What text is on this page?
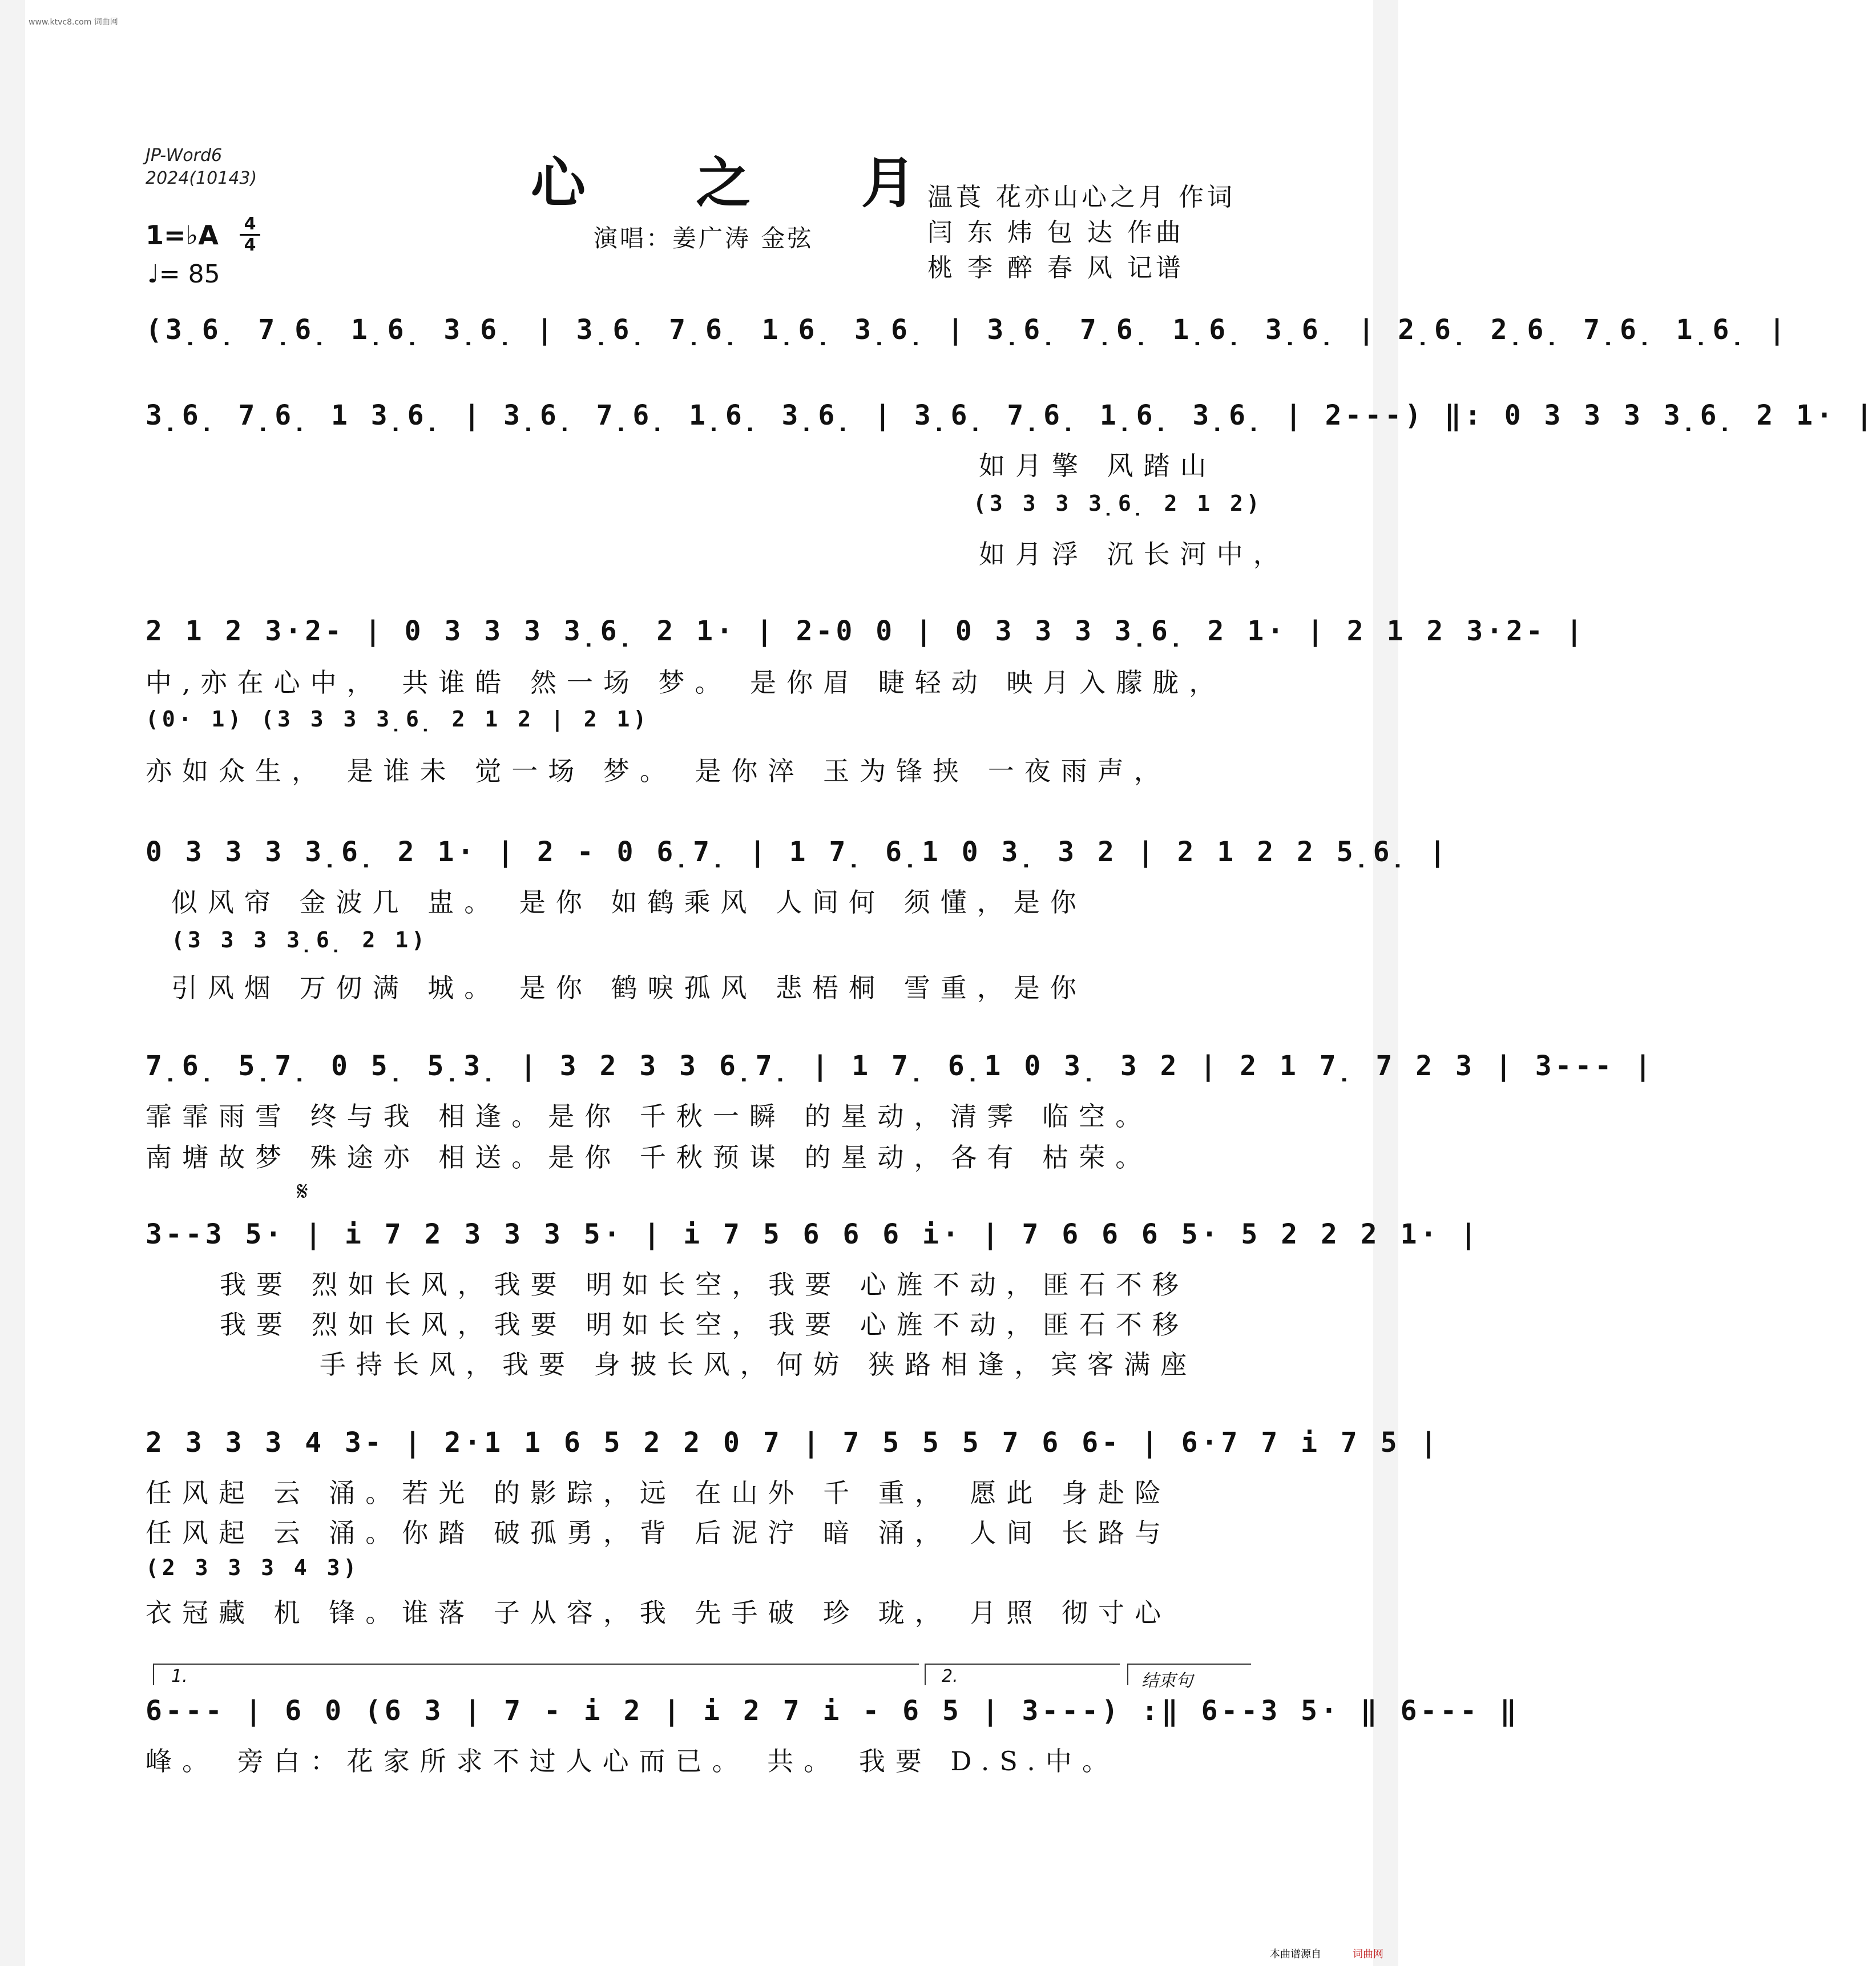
www.ktvc8.com 词曲网
JP-Word6
2024(10143)	心 之 月
演唱：姜广涛 金弦
温莨 花亦山心之月 作词
闫 东 炜 包 达 作曲
桃 李 醉 春 风 记谱
1=♭A 4
4
♩= 85
(3̣6̣ 7̣6̣ 1̣6̣ 3̣6̣ | 3̣6̣ 7̣6̣ 1̣6̣ 3̣6̣ | 3̣6̣ 7̣6̣ 1̣6̣ 3̣6̣ | 2̣6̣ 2̣6̣ 7̣6̣ 1̣6̣ |
3̣6̣ 7̣6̣ 1 3̣6̣ | 3̣6̣ 7̣6̣ 1̣6̣ 3̣6̣ | 3̣6̣ 7̣6̣ 1̣6̣ 3̣6̣ | 2---) ‖: 0 3 3 3 3̣6̣ 2 1· |
如月擎 风踏山
(3 3 3 3̣6̣ 2 1 2)
如月浮 沉长河中，
2 1 2 3·2- | 0 3 3 3 3̣6̣ 2 1· | 2-0 0 | 0 3 3 3 3̣6̣ 2 1· | 2 1 2 3·2- |
中,亦在心中， 共谁皓 然一场 梦。 是你眉 睫轻动 映月入朦胧，
(0· 1) (3 3 3 3̣6̣ 2 1 2 | 2 1)
亦如众生， 是谁未 觉一场 梦。 是你淬 玉为锋挟 一夜雨声，
0 3 3 3 3̣6̣ 2 1· | 2 - 0 6̣7̣ | 1 7̣ 6̣1 0 3̣ 3 2 | 2 1 2 2 5̣6̣ |
似风帘 金波几 盅。 是你 如鹤乘风 人间何 须懂，是你
(3 3 3 3̣6̣ 2 1)
引风烟 万仞满 城。 是你 鹤唳孤风 悲梧桐 雪重，是你
7̣6̣ 5̣7̣ 0 5̣ 5̣3̣ | 3 2 3 3 6̣7̣ | 1 7̣ 6̣1 0 3̣ 3 2 | 2 1 7̣ 7 2 3 | 3--- |
霏霏雨雪 终与我 相逢。是你 千秋一瞬 的星动，清霁 临空。
南塘故梦 殊途亦 相送。是你 千秋预谋 的星动，各有 枯荣。
𝄋
3--3 5· | i 7 2 3 3 3 5· | i 7 5 6 6 6 i· | 7 6 6 6 5· 5 2 2 2 1· |
我要 烈如长风，我要 明如长空，我要 心旌不动，匪石不移
我要 烈如长风，我要 明如长空，我要 心旌不动，匪石不移
手持长风，我要 身披长风，何妨 狭路相逢，宾客满座
2 3 3 3 4 3- | 2·1 1 6 5 2 2 0 7 | 7 5 5 5 7 6 6- | 6·7 7 i 7 5 |
任风起 云 涌。若光 的影踪，远 在山外 千 重， 愿此 身赴险
任风起 云 涌。你踏 破孤勇，背 后泥泞 暗 涌， 人间 长路与
(2 3 3 3 4 3)
衣冠藏 机 锋。谁落 子从容，我 先手破 珍 珑， 月照 彻寸心
1.	2.	结束句
6--- | 6 0 (6 3 | 7 - i 2 | i 2 7 i - 6 5 | 3---) :‖ 6--3 5· ‖ 6--- ‖
峰。 旁白：花家所求不过人心而已。 共。 我要 D.S.中。
本曲谱源自	词曲网
